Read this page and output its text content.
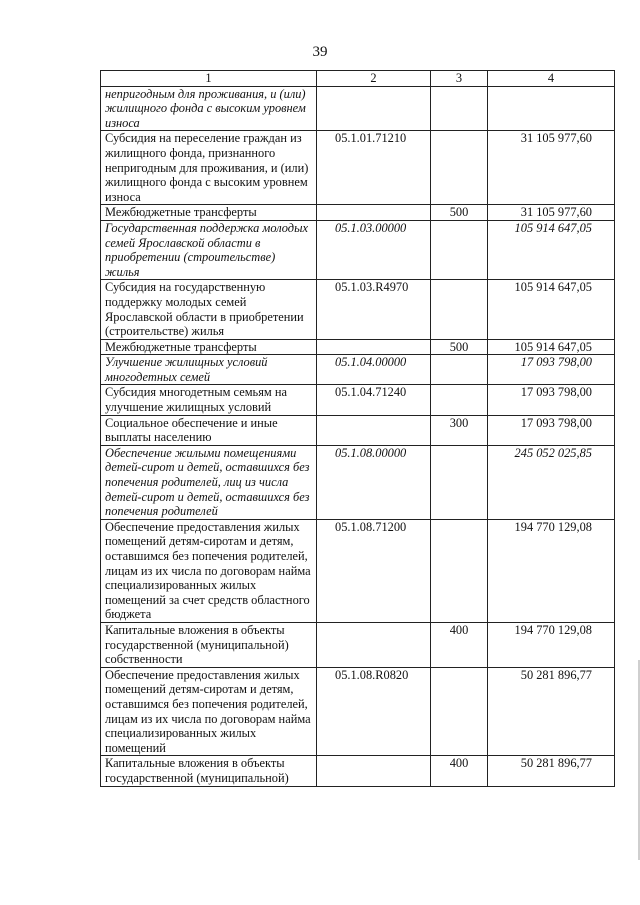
39
1	2	3	4
непригодным для проживания, и (или) жилищного фонда с высоким уровнем износа			
Субсидия на переселение граждан из жилищного фонда, признанного непригодным для проживания, и (или) жилищного фонда с высоким уровнем износа	05.1.01.71210		31 105 977,60
Межбюджетные трансферты		500	31 105 977,60
Государственная поддержка молодых семей Ярославской области в приобретении (строительстве) жилья	05.1.03.00000		105 914 647,05
Субсидия на государственную поддержку молодых семей Ярославской области в приобретении (строительстве) жилья	05.1.03.R4970		105 914 647,05
Межбюджетные трансферты		500	105 914 647,05
Улучшение жилищных условий многодетных семей	05.1.04.00000		17 093 798,00
Субсидия многодетным семьям на улучшение жилищных условий	05.1.04.71240		17 093 798,00
Социальное обеспечение и иные выплаты населению		300	17 093 798,00
Обеспечение жилыми помещениями детей-сирот и детей, оставшихся без попечения родителей, лиц из числа детей-сирот и детей, оставшихся без попечения родителей	05.1.08.00000		245 052 025,85
Обеспечение предоставления жилых помещений детям-сиротам и детям, оставшимся без попечения родителей, лицам из их числа по договорам найма специализированных жилых помещений за счет средств областного бюджета	05.1.08.71200		194 770 129,08
Капитальные вложения в объекты государственной (муниципальной) собственности		400	194 770 129,08
Обеспечение предоставления жилых помещений детям-сиротам и детям, оставшимся без попечения родителей, лицам из их числа по договорам найма специализированных жилых помещений	05.1.08.R0820		50 281 896,77
Капитальные вложения в объекты государственной (муниципальной)		400	50 281 896,77
